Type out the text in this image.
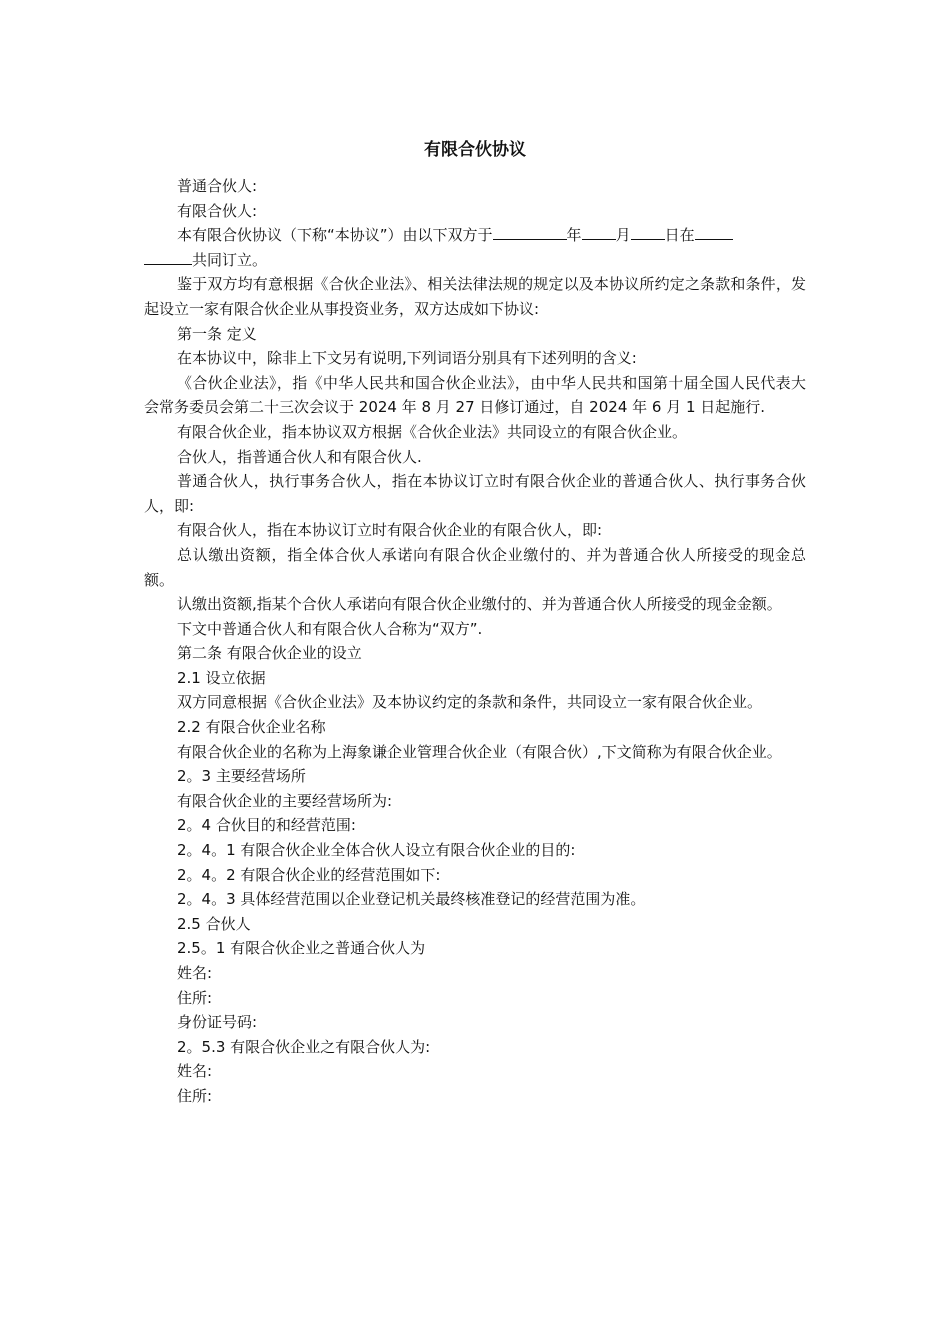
有限合伙协议

普通合伙人:

有限合伙人:

本有限合伙协议（下称“本协议”）由以下双方于	年 月 日在
共同订立。

鉴于双方均有意根据《合伙企业法》、相关法律法规的规定以及本协议所约定之条款和条件，发起设立一家有限合伙企业从事投资业务，双方达成如下协议:

第一条 定义

在本协议中，除非上下文另有说明,下列词语分别具有下述列明的含义:

《合伙企业法》，指《中华人民共和国合伙企业法》，由中华人民共和国第十届全国人民代表大会常务委员会第二十三次会议于 2024 年 8 月 27 日修订通过，自 2024 年 6 月 1 日起施行.

有限合伙企业，指本协议双方根据《合伙企业法》共同设立的有限合伙企业。

合伙人，指普通合伙人和有限合伙人.

普通合伙人，执行事务合伙人，指在本协议订立时有限合伙企业的普通合伙人、执行事务合伙人，即:

有限合伙人，指在本协议订立时有限合伙企业的有限合伙人，即:

总认缴出资额，指全体合伙人承诺向有限合伙企业缴付的、并为普通合伙人所接受的现金总额。

认缴出资额,指某个合伙人承诺向有限合伙企业缴付的、并为普通合伙人所接受的现金金额。

下文中普通合伙人和有限合伙人合称为“双方”.

第二条 有限合伙企业的设立

2.1 设立依据

双方同意根据《合伙企业法》及本协议约定的条款和条件，共同设立一家有限合伙企业。

2.2 有限合伙企业名称

有限合伙企业的名称为上海象谦企业管理合伙企业（有限合伙）,下文简称为有限合伙企业。

2。3 主要经营场所

有限合伙企业的主要经营场所为:

2。4 合伙目的和经营范围:

2。4。1 有限合伙企业全体合伙人设立有限合伙企业的目的:

2。4。2 有限合伙企业的经营范围如下:

2。4。3 具体经营范围以企业登记机关最终核准登记的经营范围为准。

2.5 合伙人

2.5。1 有限合伙企业之普通合伙人为

姓名:

住所:

身份证号码:

2。5.3 有限合伙企业之有限合伙人为:

姓名:

住所:
